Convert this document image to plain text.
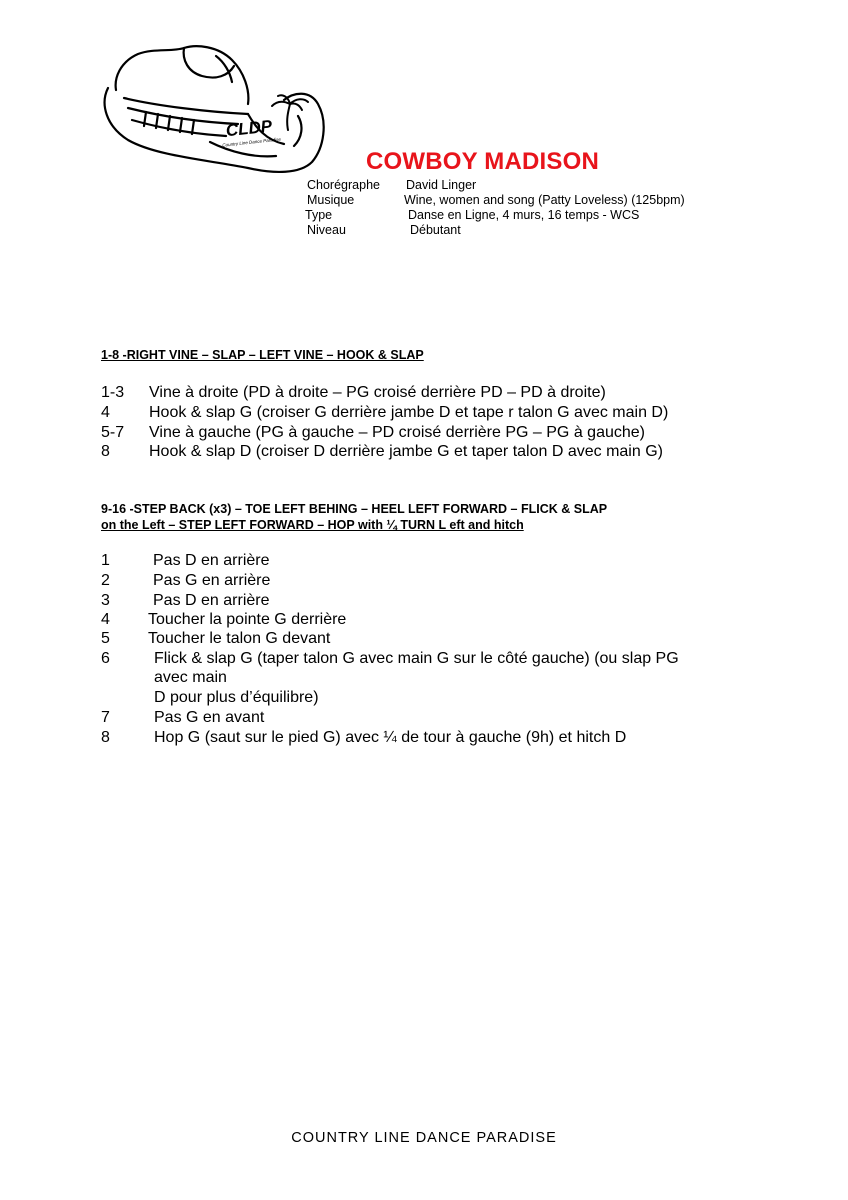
CLDP
Country Line Dance Paradise
COWBOY MADISON
Chorégraphe David Linger
Musique	Wine, women and song (Patty Loveless) (125bpm)
Type	Danse en Ligne, 4 murs, 16 temps - WCS
Niveau	Débutant
1-8 -RIGHT VINE – SLAP – LEFT VINE – HOOK & SLAP
1-3 Vine à droite (PD à droite – PG croisé derrière PD – PD à droite)
4 Hook & slap G (croiser G derrière jambe D et tape r talon G avec main D)
5-7 Vine à gauche (PG à gauche – PD croisé derrière PG – PG à gauche)
8 Hook & slap D (croiser D derrière jambe G et taper talon D avec main G)
9-16 -STEP BACK (x3) – TOE LEFT BEHING – HEEL LEFT FORWARD – FLICK & SLAP
on the Left – STEP LEFT FORWARD – HOP with ¼ TURN L eft and hitch
1	Pas D en arrière
2	Pas G en arrière
3	Pas D en arrière
4 Toucher la pointe G derrière
5 Toucher le talon G devant
6	Flick & slap G (taper talon G avec main G sur le côté gauche) (ou slap PG
avec main
D pour plus d’équilibre)
7	Pas G en avant
8	Hop G (saut sur le pied G) avec ¼ de tour à gauche (9h) et hitch D
COUNTRY LINE DANCE PARADISE
